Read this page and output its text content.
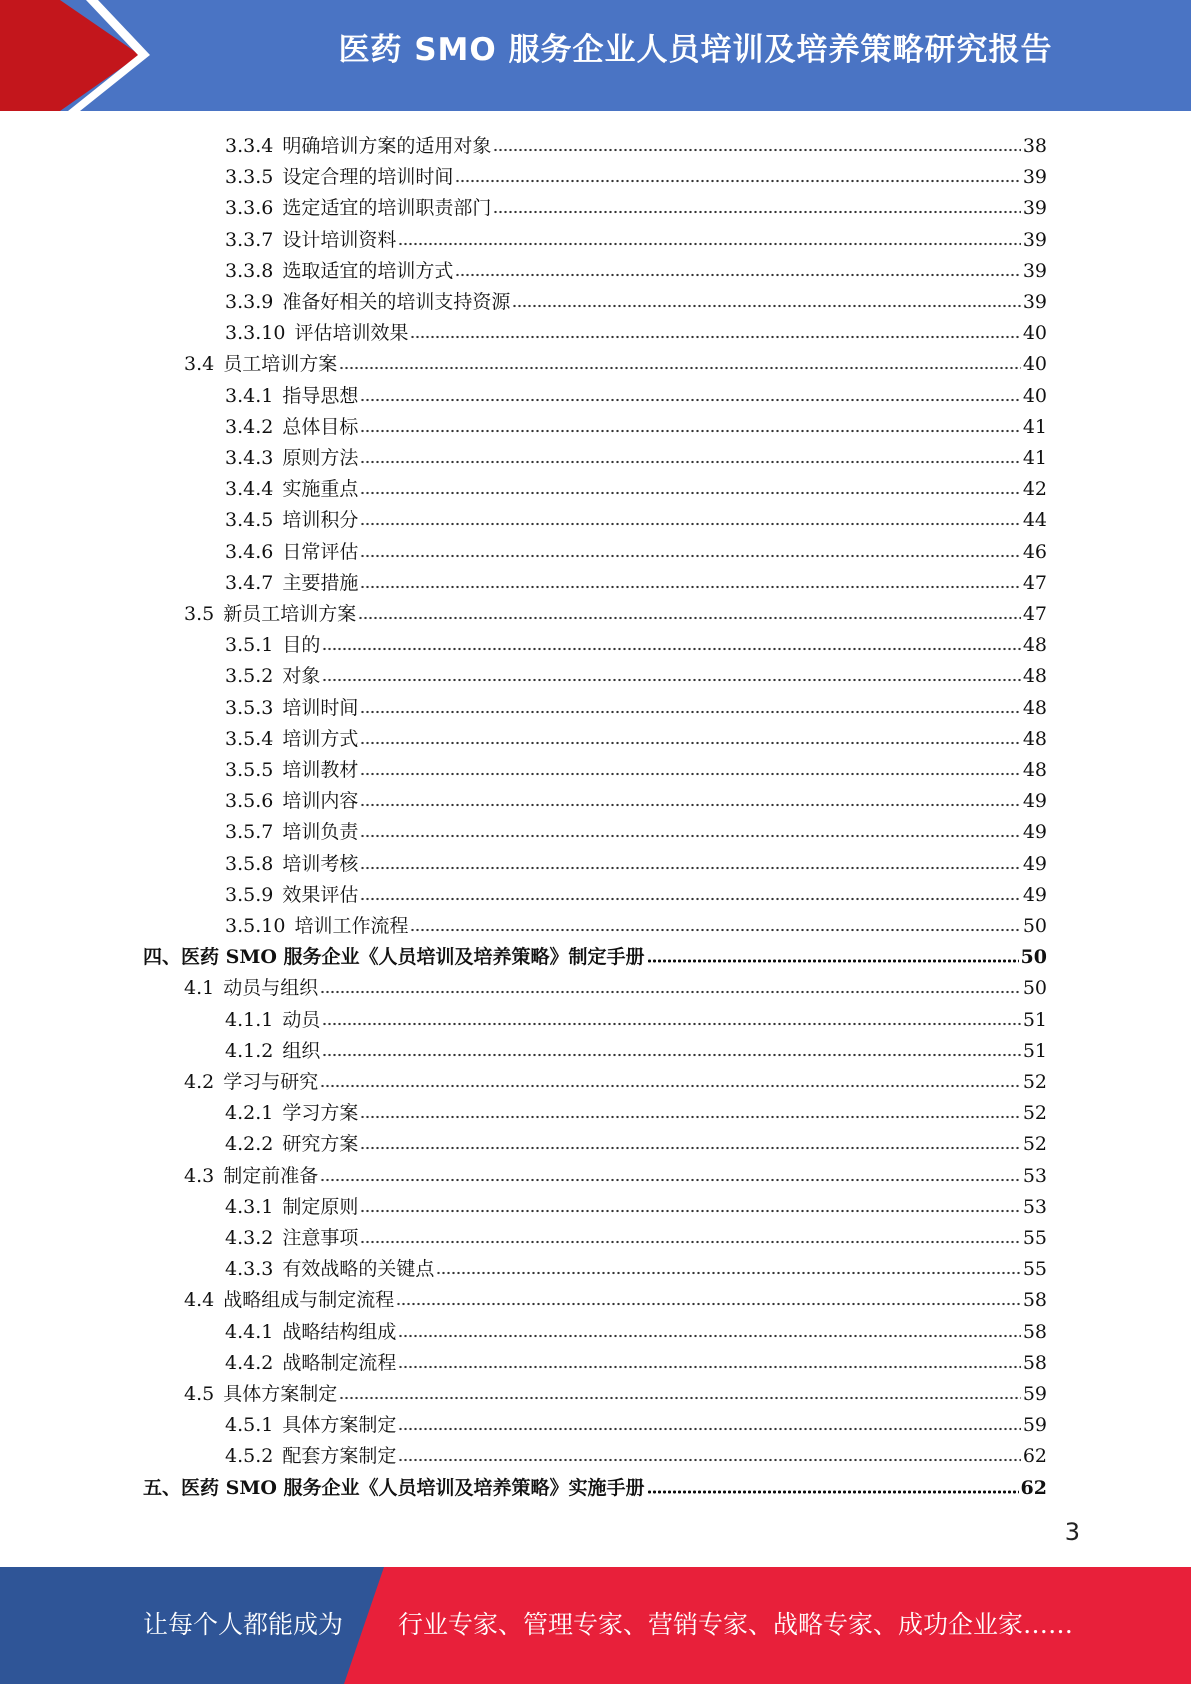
医药 SMO 服务企业人员培训及培养策略研究报告
3.3.4 明确培训方案的适用对象	38
3.3.5 设定合理的培训时间	39
3.3.6 选定适宜的培训职责部门	39
3.3.7 设计培训资料	39
3.3.8 选取适宜的培训方式	39
3.3.9 准备好相关的培训支持资源	39
3.3.10 评估培训效果	40
3.4 员工培训方案	40
3.4.1 指导思想	40
3.4.2 总体目标	41
3.4.3 原则方法	41
3.4.4 实施重点	42
3.4.5 培训积分	44
3.4.6 日常评估	46
3.4.7 主要措施	47
3.5 新员工培训方案	47
3.5.1 目的	48
3.5.2 对象	48
3.5.3 培训时间	48
3.5.4 培训方式	48
3.5.5 培训教材	48
3.5.6 培训内容	49
3.5.7 培训负责	49
3.5.8 培训考核	49
3.5.9 效果评估	49
3.5.10 培训工作流程	50
四、 医药 SMO 服务企业《人员培训及培养策略》制定手册	50
4.1 动员与组织	50
4.1.1 动员	51
4.1.2 组织	51
4.2 学习与研究	52
4.2.1 学习方案	52
4.2.2 研究方案	52
4.3 制定前准备	53
4.3.1 制定原则	53
4.3.2 注意事项	55
4.3.3 有效战略的关键点	55
4.4 战略组成与制定流程	58
4.4.1 战略结构组成	58
4.4.2 战略制定流程	58
4.5 具体方案制定	59
4.5.1 具体方案制定	59
4.5.2 配套方案制定	62
五、 医药 SMO 服务企业《人员培训及培养策略》实施手册	62
3
让每个人都能成为 行业专家、管理专家、营销专家、战略专家、成功企业家……
